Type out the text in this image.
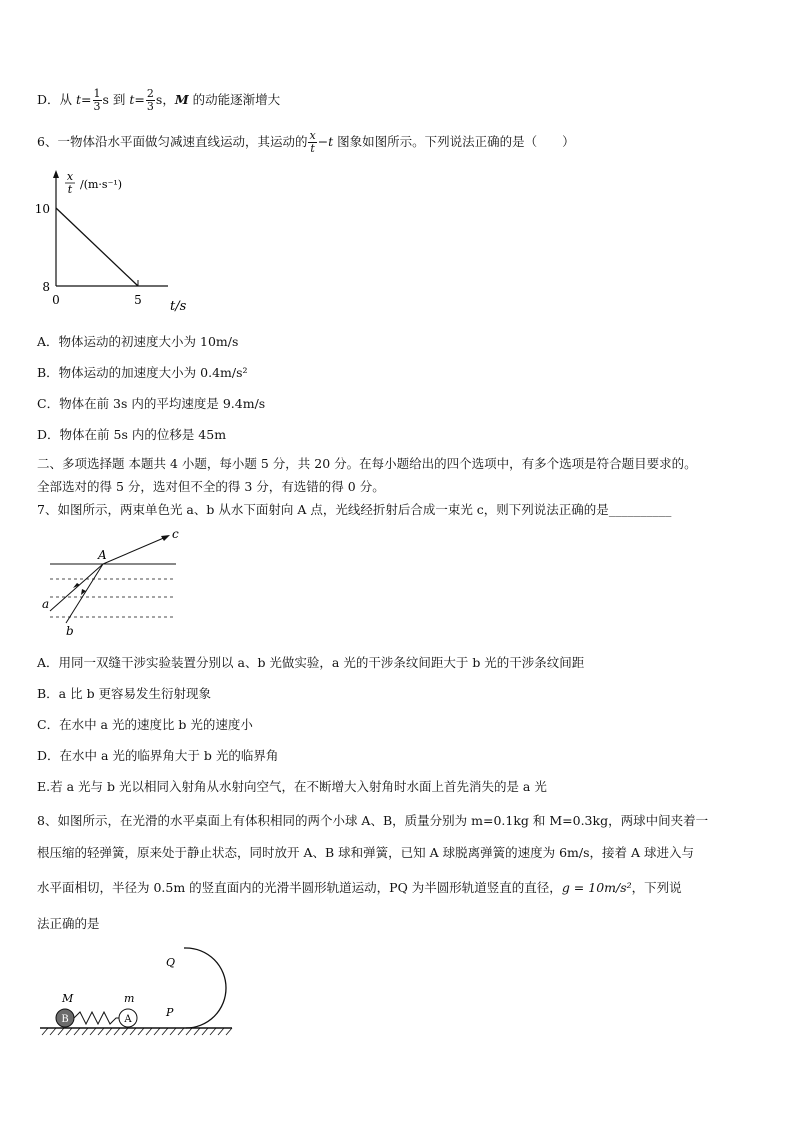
D．从 $t= \frac{1}{3}$ s 到 $t= \frac{2}{3}$ s，M 的动能逐渐增大
6、一物体沿水平面做匀减速直线运动，其运动的 $\frac{x}{t} -t$ 图象如图所示。下列说法正确的是（　　）
x
t /(m·s⁻¹)
10
8
0	5 t/s
A．物体运动的初速度大小为 10m/s
B．物体运动的加速度大小为 0.4m/s²
C．物体在前 3s 内的平均速度是 9.4m/s
D．物体在前 5s 内的位移是 45m
二、多项选择题 本题共 4 小题，每小题 5 分，共 20 分。在每小题给出的四个选项中，有多个选项是符合题目要求的。
全部选对的得 5 分，选对但不全的得 3 分，有选错的得 0 分。
7、如图所示，两束单色光 a、b 从水下面射向 A 点，光线经折射后合成一束光 c，则下列说法正确的是__________
A
c
a
b
A．用同一双缝干涉实验装置分别以 a、b 光做实验，a 光的干涉条纹间距大于 b 光的干涉条纹间距
B．a 比 b 更容易发生衍射现象
C．在水中 a 光的速度比 b 光的速度小
D．在水中 a 光的临界角大于 b 光的临界角
E.若 a 光与 b 光以相同入射角从水射向空气，在不断增大入射角时水面上首先消失的是 a 光
8、如图所示，在光滑的水平桌面上有体积相同的两个小球 A、B，质量分别为 m=0.1kg 和 M=0.3kg，两球中间夹着一
根压缩的轻弹簧，原来处于静止状态，同时放开 A、B 球和弹簧，已知 A 球脱离弹簧的速度为 6m/s，接着 A 球进入与
水平面相切，半径为 0.5m 的竖直面内的光滑半圆形轨道运动，PQ 为半圆形轨道竖直的直径，g = 10m/s²，下列说
法正确的是
B	A
M	m
Q
P
